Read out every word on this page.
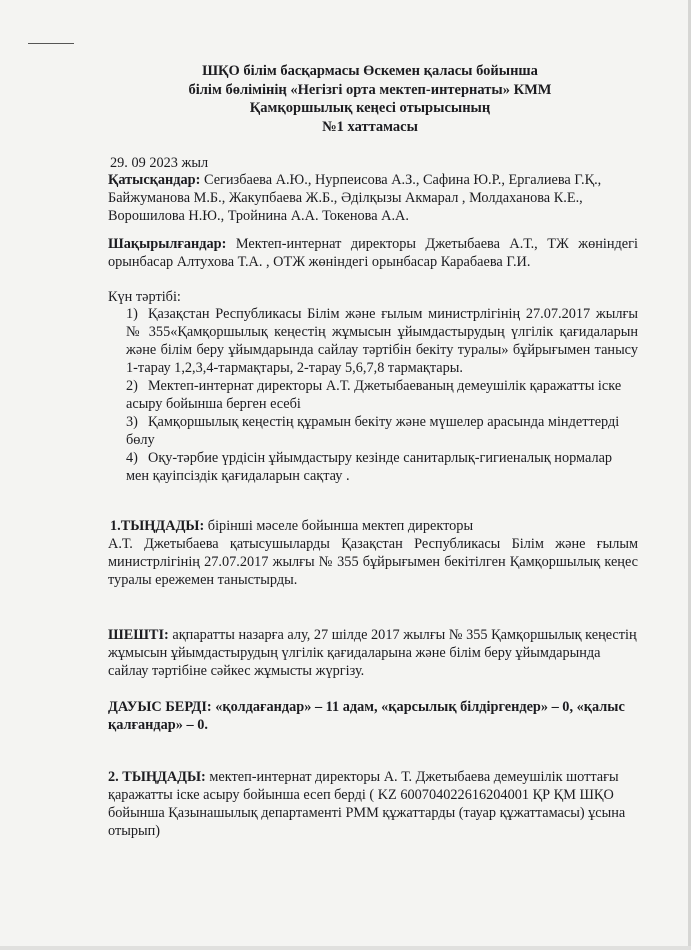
ШҚО білім басқармасы Өскемен қаласы бойынша
білім бөлімінің «Негізгі орта мектеп-интернаты» КММ
Қамқоршылық кеңесі отырысының
№1 хаттамасы
29. 09 2023 жыл
Қатысқандар: Сегизбаева А.Ю., Нурпеисова А.З., Сафина Ю.Р., Ергалиева Г.Қ., Байжуманова М.Б., Жакупбаева Ж.Б., Әділқызы Акмарал , Молдаханова К.Е., Ворошилова Н.Ю., Тройнина А.А. Токенова А.А.
Шақырылғандар: Мектеп-интернат директоры Джетыбаева А.Т., ТЖ жөніндегі орынбасар Алтухова Т.А. , ОТЖ жөніндегі орынбасар Карабаева Г.И.
Күн тәртібі:
1) Қазақстан Республикасы Білім және ғылым министрлігінің 27.07.2017 жылғы № 355«Қамқоршылық кеңестің жұмысын ұйымдастырудың үлгілік қағидаларын және білім беру ұйымдарында сайлау тәртібін бекіту туралы» бұйрығымен танысу 1-тарау 1,2,3,4-тармақтары, 2-тарау 5,6,7,8 тармақтары.
2) Мектеп-интернат директоры А.Т. Джетыбаеваның демеушілік қаражатты іске асыру бойынша берген есебі
3) Қамқоршылық кеңестің құрамын бекіту және мүшелер арасында міндеттерді бөлу
4) Оқу-тәрбие үрдісін ұйымдастыру кезінде санитарлық-гигиеналық нормалар мен қауіпсіздік қағидаларын сақтау .
1.ТЫҢДАДЫ: бірінші мәселе бойынша мектеп директоры
А.Т. Джетыбаева қатысушыларды Қазақстан Республикасы Білім және ғылым министрлігінің 27.07.2017 жылғы № 355 бұйрығымен бекітілген Қамқоршылық кеңес туралы ережемен таныстырды.
ШЕШТІ: ақпаратты назарға алу, 27 шілде 2017 жылғы № 355 Қамқоршылық кеңестің жұмысын ұйымдастырудың үлгілік қағидаларына және білім беру ұйымдарында сайлау тәртібіне сәйкес жұмысты жүргізу.
ДАУЫС БЕРДІ: «қолдағандар» – 11 адам, «қарсылық білдіргендер» – 0, «қалыс қалғандар» – 0.
2. ТЫҢДАДЫ: мектеп-интернат директоры А. Т. Джетыбаева демеушілік шоттағы қаражатты іске асыру бойынша есеп берді ( KZ 600704022616204001 ҚР ҚМ ШҚО бойынша Қазынашылық департаменті РММ құжаттарды (тауар құжаттамасы) ұсына отырып)
